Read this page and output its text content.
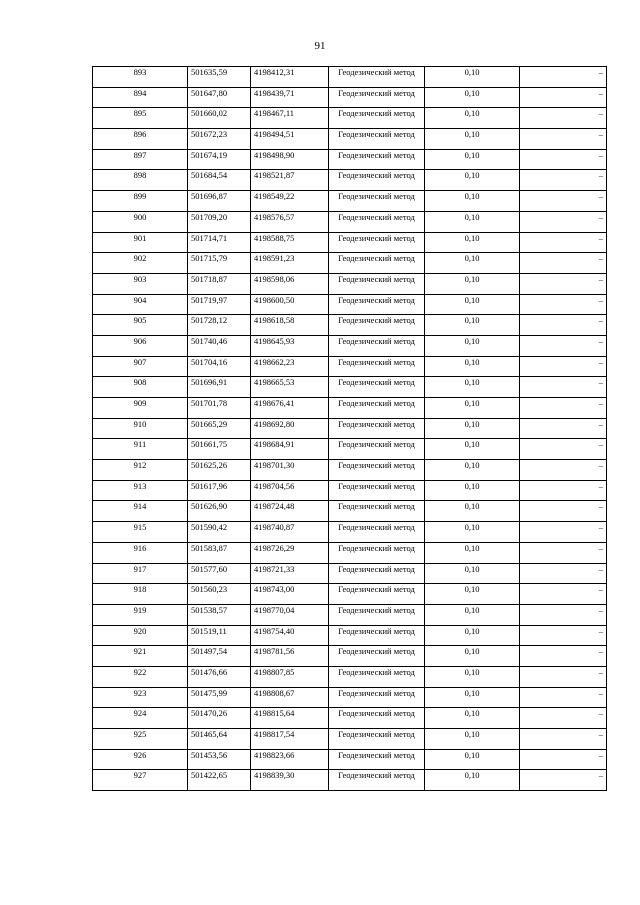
91
893	501635,59	4198412,31	Геодезический метод	0,10	–
894	501647,80	4198439,71	Геодезический метод	0,10	–
895	501660,02	4198467,11	Геодезический метод	0,10	–
896	501672,23	4198494,51	Геодезический метод	0,10	–
897	501674,19	4198498,90	Геодезический метод	0,10	–
898	501684,54	4198521,87	Геодезический метод	0,10	–
899	501696,87	4198549,22	Геодезический метод	0,10	–
900	501709,20	4198576,57	Геодезический метод	0,10	–
901	501714,71	4198588,75	Геодезический метод	0,10	–
902	501715,79	4198591,23	Геодезический метод	0,10	–
903	501718,87	4198598,06	Геодезический метод	0,10	–
904	501719,97	4198600,50	Геодезический метод	0,10	–
905	501728,12	4198618,58	Геодезический метод	0,10	–
906	501740,46	4198645,93	Геодезический метод	0,10	–
907	501704,16	4198662,23	Геодезический метод	0,10	–
908	501696,91	4198665,53	Геодезический метод	0,10	–
909	501701,78	4198676,41	Геодезический метод	0,10	–
910	501665,29	4198692,80	Геодезический метод	0,10	–
911	501661,75	4198684,91	Геодезический метод	0,10	–
912	501625,26	4198701,30	Геодезический метод	0,10	–
913	501617,96	4198704,56	Геодезический метод	0,10	–
914	501626,90	4198724,48	Геодезический метод	0,10	–
915	501590,42	4198740,87	Геодезический метод	0,10	–
916	501583,87	4198726,29	Геодезический метод	0,10	–
917	501577,60	4198721,33	Геодезический метод	0,10	–
918	501560,23	4198743,00	Геодезический метод	0,10	–
919	501538,57	4198770,04	Геодезический метод	0,10	–
920	501519,11	4198754,40	Геодезический метод	0,10	–
921	501497,54	4198781,56	Геодезический метод	0,10	–
922	501476,66	4198807,85	Геодезический метод	0,10	–
923	501475,99	4198808,67	Геодезический метод	0,10	–
924	501470,26	4198815,64	Геодезический метод	0,10	–
925	501465,64	4198817,54	Геодезический метод	0,10	–
926	501453,56	4198823,66	Геодезический метод	0,10	–
927	501422,65	4198839,30	Геодезический метод	0,10	–
